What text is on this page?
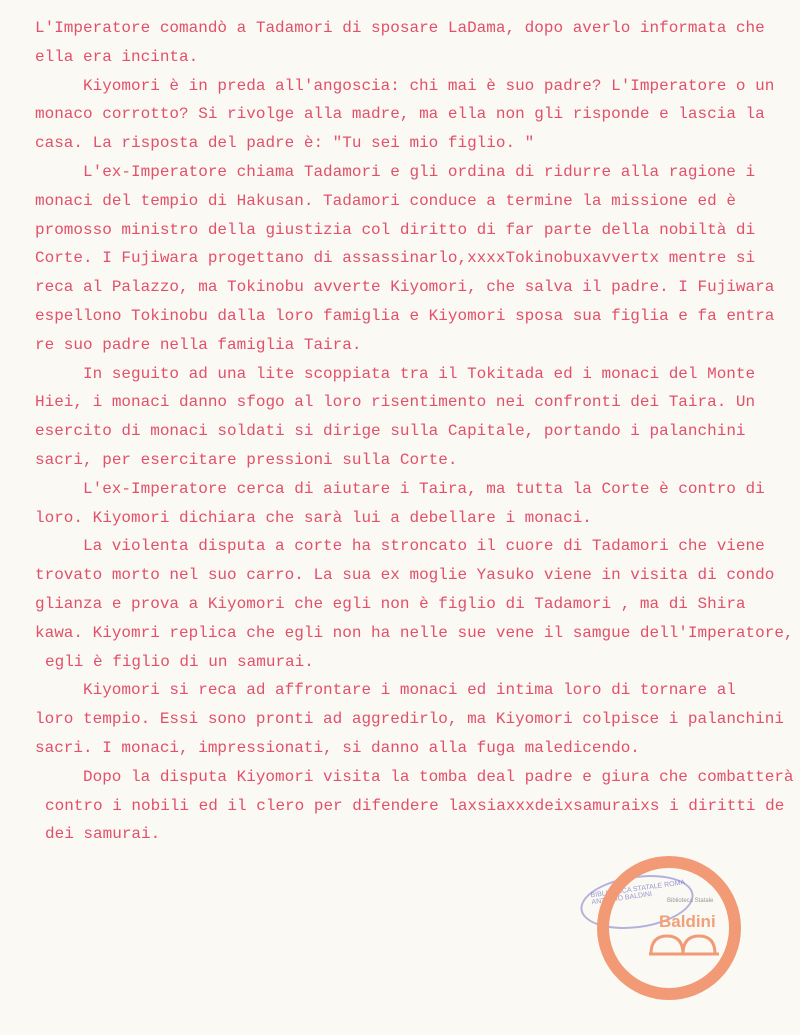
L'Imperatore comandò a Tadamori di sposare LaDama, dopo averlo informata che
ella era incinta.
Kiyomori è in preda all'angoscia: chi mai è suo padre? L'Imperatore o un
monaco corrotto? Si rivolge alla madre, ma ella non gli risponde e lascia la
casa. La risposta del padre è: "Tu sei mio figlio. "
L'ex-Imperatore chiama Tadamori e gli ordina di ridurre alla ragione i
monaci del tempio di Hakusan. Tadamori conduce a termine la missione ed è
promosso ministro della giustizia col diritto di far parte della nobiltà di
Corte. I Fujiwara progettano di assassinarlo,xxxxTokinobuxavvertx mentre si
reca al Palazzo, ma Tokinobu avverte Kiyomori, che salva il padre. I Fujiwara
espellono Tokinobu dalla loro famiglia e Kiyomori sposa sua figlia e fa entra
re suo padre nella famiglia Taira.
In seguito ad una lite scoppiata tra il Tokitada ed i monaci del Monte
Hiei, i monaci danno sfogo al loro risentimento nei confronti dei Taira. Un
esercito di monaci soldati si dirige sulla Capitale, portando i palanchini
sacri, per esercitare pressioni sulla Corte.
L'ex-Imperatore cerca di aiutare i Taira, ma tutta la Corte è contro di
loro. Kiyomori dichiara che sarà lui a debellare i monaci.
La violenta disputa a corte ha stroncato il cuore di Tadamori che viene
trovato morto nel suo carro. La sua ex moglie Yasuko viene in visita di condo
glianza e prova a Kiyomori che egli non è figlio di Tadamori , ma di Shira
kawa. Kiyomri replica che egli non ha nelle sue vene il samgue dell'Imperatore,
egli è figlio di un samurai.
Kiyomori si reca ad affrontare i monaci ed intima loro di tornare al
loro tempio. Essi sono pronti ad aggredirlo, ma Kiyomori colpisce i palanchini
sacri. I monaci, impressionati, si danno alla fuga maledicendo.
Dopo la disputa Kiyomori visita la tomba deal padre e giura che combatterà
contro i nobili ed il clero per difendere laxsiaxxxdeixsamuraixs i diritti de
dei samurai.
BIBLIOTECA STATALE ROMA ANTONIO BALDINI	Biblioteca Statale
Baldini
